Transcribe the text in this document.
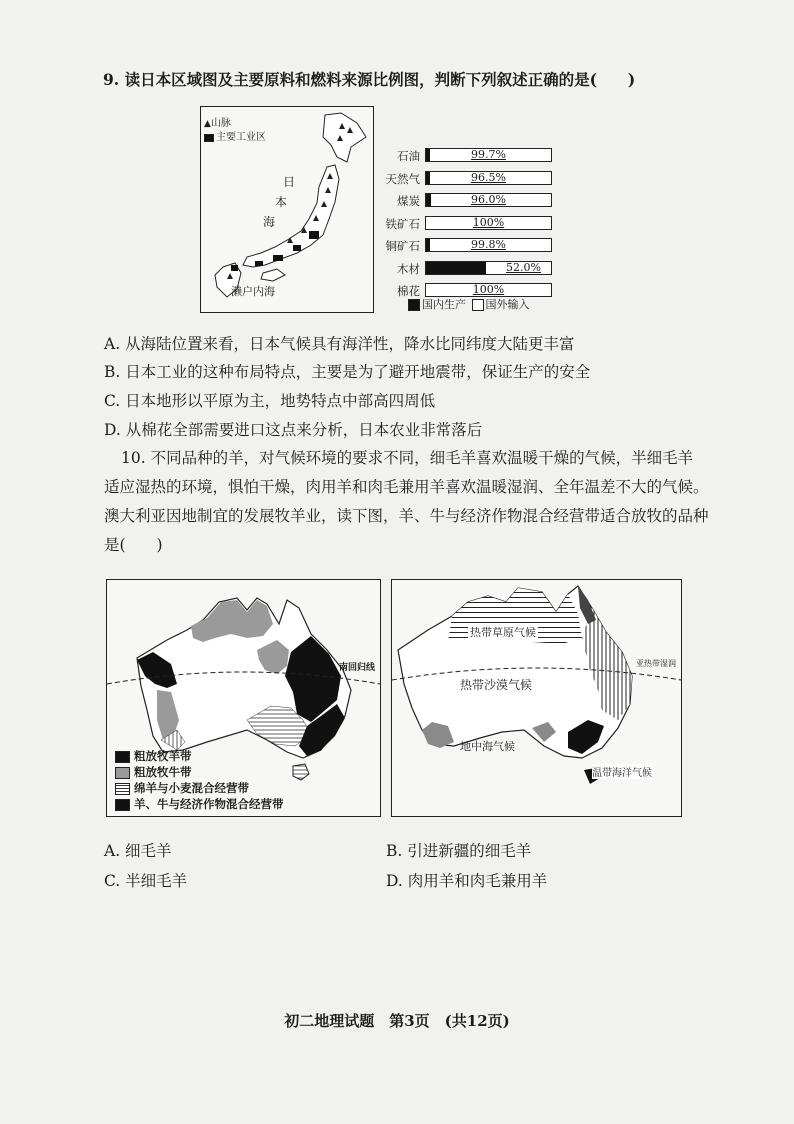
9. 读日本区域图及主要原料和燃料来源比例图，判断下列叙述正确的是(　　)
▲山脉
主要工业区
日
本
海
濑户内海
石油	99.7%
天然气	96.5%
煤炭	96.0%
铁矿石	100%
铜矿石	99.8%
木材	52.0%
棉花	100%
国内生产 国外输入
A. 从海陆位置来看，日本气候具有海洋性，降水比同纬度大陆更丰富
B. 日本工业的这种布局特点，主要是为了避开地震带，保证生产的安全
C. 日本地形以平原为主，地势特点中部高四周低
D. 从棉花全部需要进口这点来分析，日本农业非常落后
10. 不同品种的羊，对气候环境的要求不同，细毛羊喜欢温暖干燥的气候，半细毛羊
适应湿热的环境，惧怕干燥，肉用羊和肉毛兼用羊喜欢温暖湿润、全年温差不大的气候。
澳大利亚因地制宜的发展牧羊业，读下图，羊、牛与经济作物混合经营带适合放牧的品种
是(　　)
南回归线
粗放牧羊带
粗放牧牛带
绵羊与小麦混合经营带
羊、牛与经济作物混合经营带
热带草原气候
热带沙漠气候
地中海气候
温带海洋气候
亚热带湿润
A. 细毛羊	B. 引进新疆的细毛羊
C. 半细毛羊	D. 肉用羊和肉毛兼用羊
初二地理试题　第3页　(共12页)
